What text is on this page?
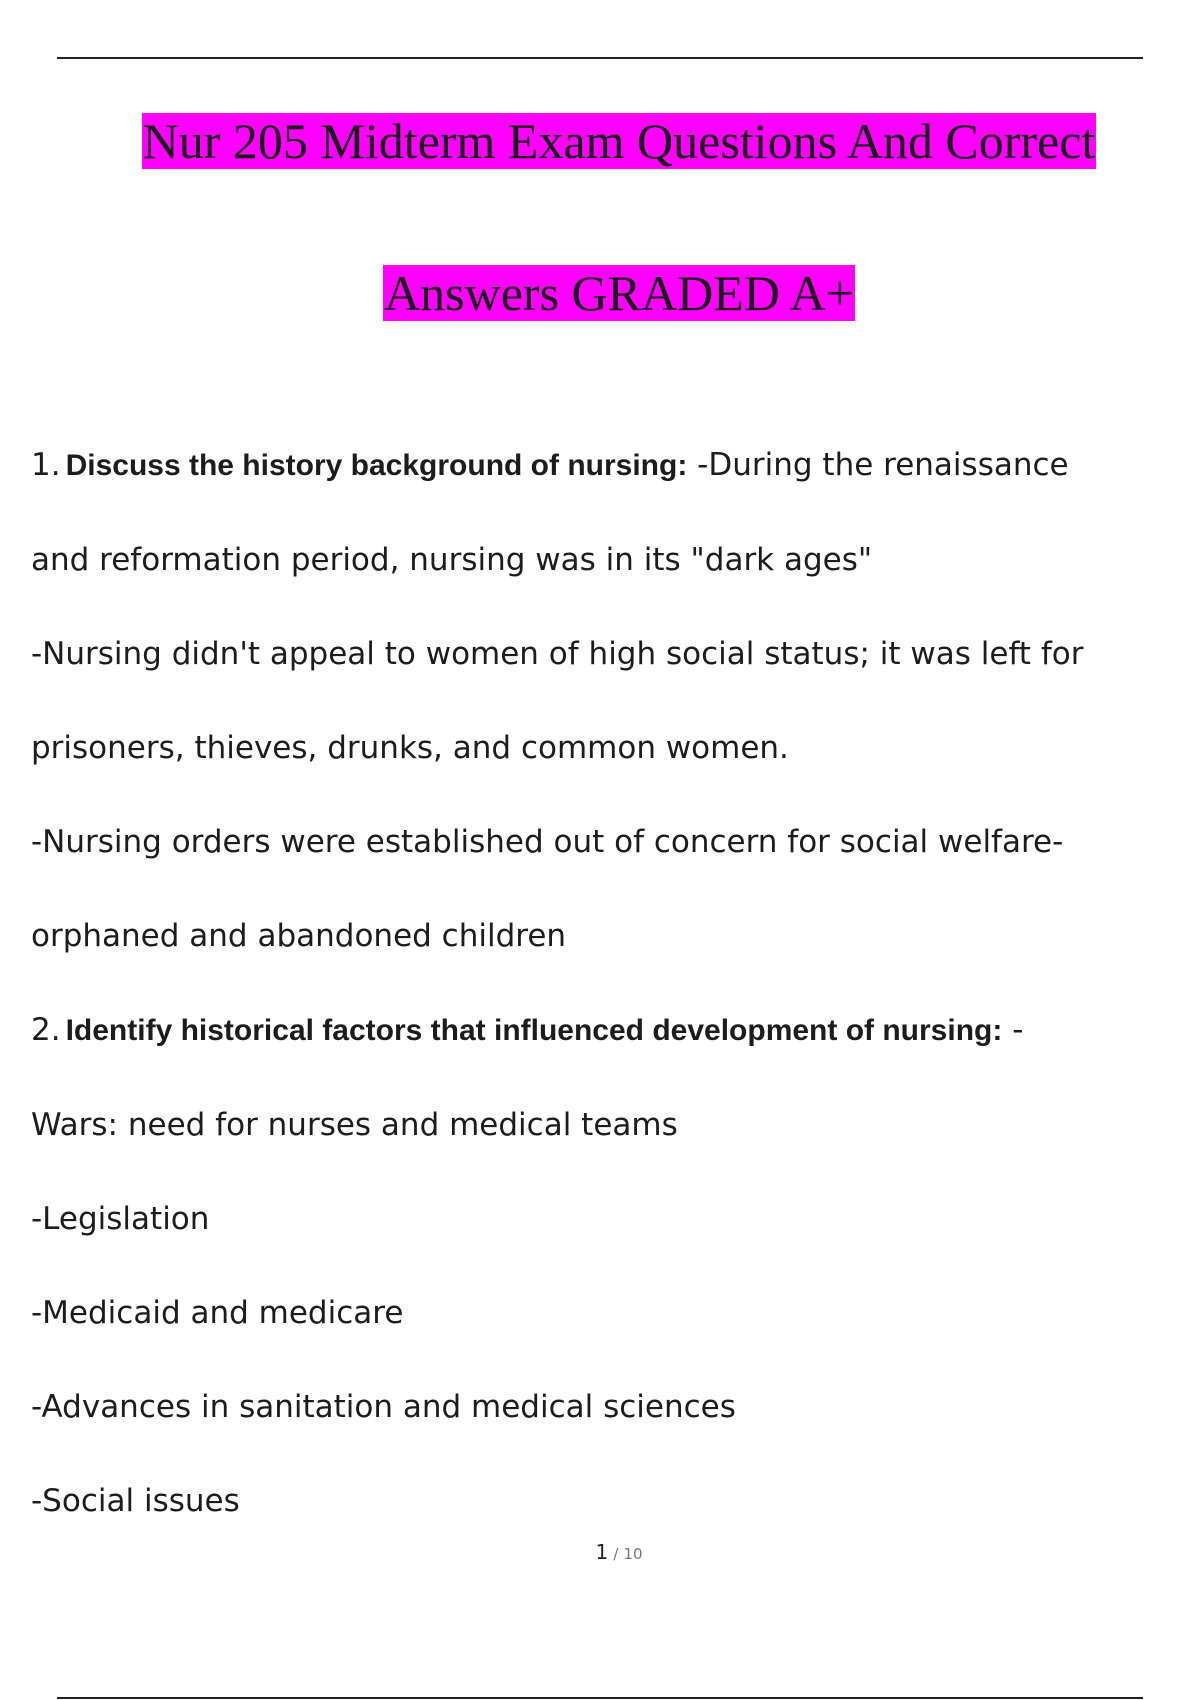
Nur 205 Midterm Exam Questions And Correct
Answers GRADED A+
1. Discuss the history background of nursing: -During the renaissance
and reformation period, nursing was in its "dark ages"
-Nursing didn't appeal to women of high social status; it was left for
prisoners, thieves, drunks, and common women.
-Nursing orders were established out of concern for social welfare-
orphaned and abandoned children
2. Identify historical factors that influenced development of nursing: -
Wars: need for nurses and medical teams
-Legislation
-Medicaid and medicare
-Advances in sanitation and medical sciences
-Social issues
1 / 10
